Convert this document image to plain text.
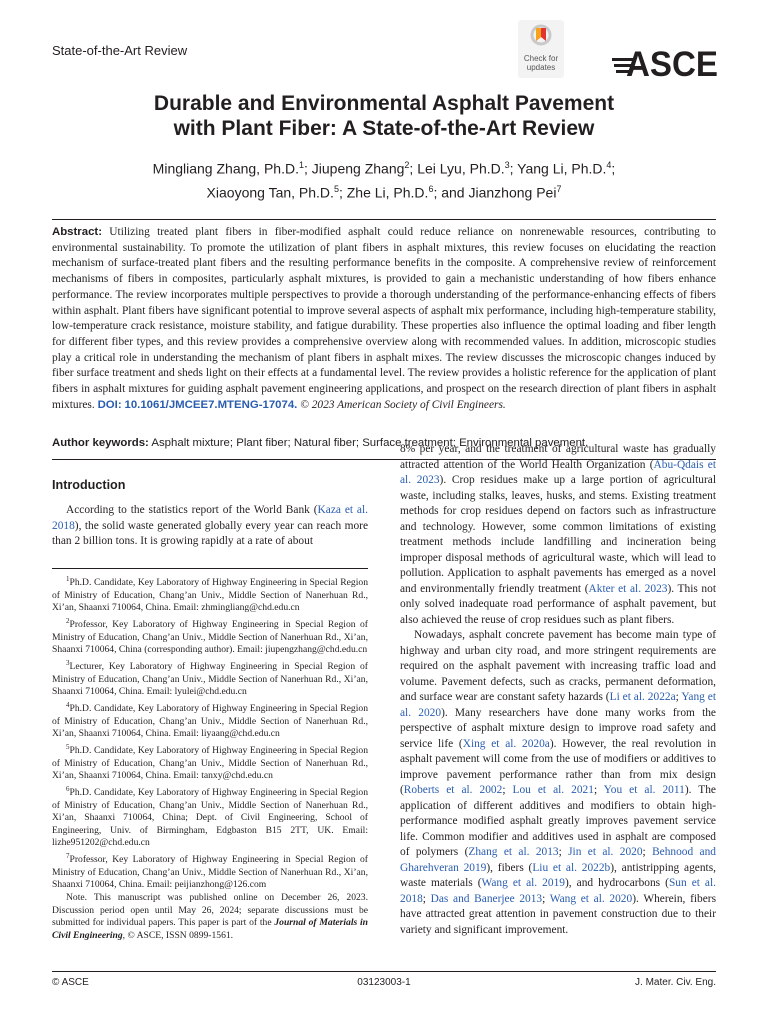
State-of-the-Art Review
Check for
updates ASCE
Durable and Environmental Asphalt Pavement
with Plant Fiber: A State-of-the-Art Review
Mingliang Zhang, Ph.D.$^1$; Jiupeng Zhang$^2$; Lei Lyu, Ph.D.$^3$; Yang Li, Ph.D.$^4$;
Xiaoyong Tan, Ph.D.$^5$; Zhe Li, Ph.D.$^6$; and Jianzhong Pei$^7$
Abstract: Utilizing treated plant fibers in fiber-modified asphalt could reduce reliance on nonrenewable resources, contributing to environmental sustainability. To promote the utilization of plant fibers in asphalt mixtures, this review focuses on elucidating the reaction mechanism of surface-treated plant fibers and the resulting performance benefits in the composite. A comprehensive review of reinforcement mechanisms of fibers in composites, particularly asphalt mixtures, is provided to gain a mechanistic understanding of how fibers enhance performance. The review incorporates multiple perspectives to provide a thorough understanding of the performance-enhancing effects of fibers within asphalt. Plant fibers have significant potential to improve several aspects of asphalt mix performance, including high-temperature stability, low-temperature crack resistance, moisture stability, and fatigue durability. These properties also influence the optimal loading and fiber length for different fiber types, and this review provides a comprehensive overview along with recommended values. In addition, microscopic studies play a critical role in understanding the mechanism of plant fibers in asphalt mixes. The review discusses the microscopic changes induced by fiber surface treatment and sheds light on their effects at a fundamental level. The review provides a holistic reference for the application of plant fibers in asphalt mixtures for guiding asphalt pavement engineering applications, and prospect on the research direction of plant fibers in asphalt mixtures. DOI: 10.1061/JMCEE7.MTENG-17074. © 2023 American Society of Civil Engineers.
Author keywords: Asphalt mixture; Plant fiber; Natural fiber; Surface treatment; Environmental pavement.
Introduction

According to the statistics report of the World Bank (Kaza et al. 2018), the solid waste generated globally every year can reach more than 2 billion tons. It is growing rapidly at a rate of about

$^1$Ph.D. Candidate, Key Laboratory of Highway Engineering in Special Region of Ministry of Education, Chang’an Univ., Middle Section of Nanerhuan Rd., Xi’an, Shaanxi 710064, China. Email: zhmingliang@chd.edu.cn

$^2$Professor, Key Laboratory of Highway Engineering in Special Region of Ministry of Education, Chang’an Univ., Middle Section of Nanerhuan Rd., Xi’an, Shaanxi 710064, China (corresponding author). Email: jiupengzhang@chd.edu.cn

$^3$Lecturer, Key Laboratory of Highway Engineering in Special Region of Ministry of Education, Chang’an Univ., Middle Section of Nanerhuan Rd., Xi’an, Shaanxi 710064, China. Email: lyulei@chd.edu.cn

$^4$Ph.D. Candidate, Key Laboratory of Highway Engineering in Special Region of Ministry of Education, Chang’an Univ., Middle Section of Nanerhuan Rd., Xi’an, Shaanxi 710064, China. Email: liyaang@chd.edu.cn

$^5$Ph.D. Candidate, Key Laboratory of Highway Engineering in Special Region of Ministry of Education, Chang’an Univ., Middle Section of Nanerhuan Rd., Xi’an, Shaanxi 710064, China. Email: tanxy@chd.edu.cn

$^6$Ph.D. Candidate, Key Laboratory of Highway Engineering in Special Region of Ministry of Education, Chang’an Univ., Middle Section of Nanerhuan Rd., Xi’an, Shaanxi 710064, China; Dept. of Civil Engineering, School of Engineering, Univ. of Birmingham, Edgbaston B15 2TT, UK. Email: lizhe951202@chd.edu.cn

$^7$Professor, Key Laboratory of Highway Engineering in Special Region of Ministry of Education, Chang’an Univ., Middle Section of Nanerhuan Rd., Xi’an, Shaanxi 710064, China. Email: peijianzhong@126.com

Note. This manuscript was published online on December 26, 2023. Discussion period open until May 26, 2024; separate discussions must be submitted for individual papers. This paper is part of the Journal of Materials in Civil Engineering, © ASCE, ISSN 0899-1561.

8% per year, and the treatment of agricultural waste has gradually attracted attention of the World Health Organization (Abu-Qdais et al. 2023). Crop residues make up a large portion of agricultural waste, including stalks, leaves, husks, and stems. Existing treatment methods for crop residues depend on factors such as infrastructure and technology. However, some common limitations of existing treatment methods include landfilling and incineration being improper disposal methods of agricultural waste, which will lead to pollution. Application to asphalt pavements has emerged as a novel and environmentally friendly treatment (Akter et al. 2023). This not only solved inadequate road performance of asphalt pavement, but also achieved the reuse of crop residues such as plant fibers.

Nowadays, asphalt concrete pavement has become main type of highway and urban city road, and more stringent requirements are required on the asphalt pavement with increasing traffic load and volume. Pavement defects, such as cracks, permanent deformation, and surface wear are constant safety hazards (Li et al. 2022a; Yang et al. 2020). Many researchers have done many works from the perspective of asphalt mixture design to improve road safety and service life (Xing et al. 2020a). However, the real revolution in asphalt pavement will come from the use of modifiers or additives to improve pavement performance rather than from mix design (Roberts et al. 2002; Lou et al. 2021; You et al. 2011). The application of different additives and modifiers to obtain high-performance modified asphalt greatly improves pavement service life. Common modifier and additives used in asphalt are composed of polymers (Zhang et al. 2013; Jin et al. 2020; Behnood and Gharehveran 2019), fibers (Liu et al. 2022b), antistripping agents, waste materials (Wang et al. 2019), and hydrocarbons (Sun et al. 2018; Das and Banerjee 2013; Wang et al. 2020). Wherein, fibers have attracted great attention in pavement construction due to their variety and significant improvement.

© ASCE	03123003-1	J. Mater. Civ. Eng.
